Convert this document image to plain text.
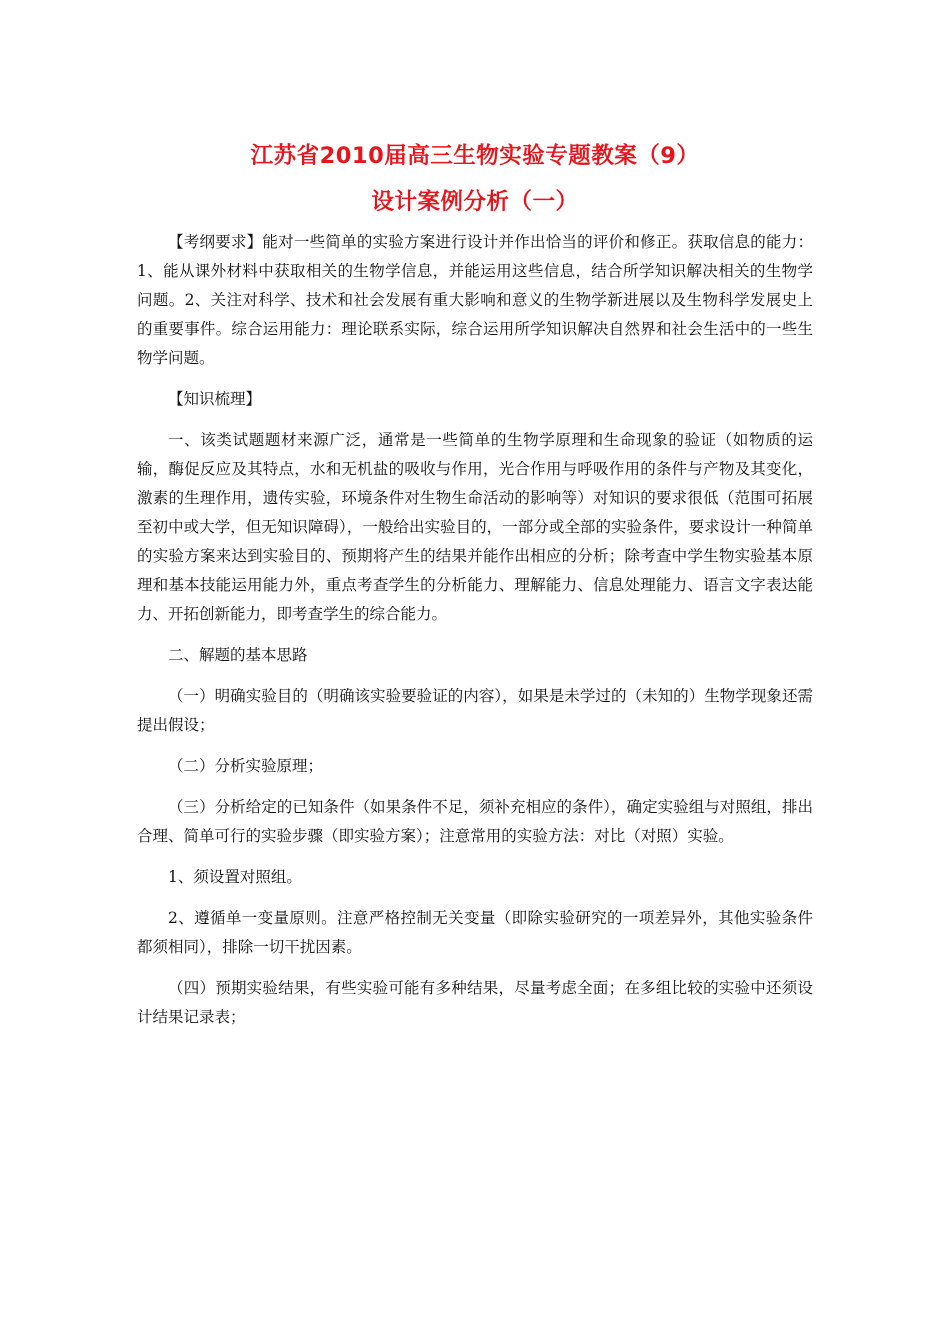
江苏省2010届高三生物实验专题教案（9）
设计案例分析（一）

【考纲要求】能对一些简单的实验方案进行设计并作出恰当的评价和修正。获取信息的能力：1、能从课外材料中获取相关的生物学信息，并能运用这些信息，结合所学知识解决相关的生物学问题。2、关注对科学、技术和社会发展有重大影响和意义的生物学新进展以及生物科学发展史上的重要事件。综合运用能力：理论联系实际，综合运用所学知识解决自然界和社会生活中的一些生物学问题。

【知识梳理】

一、该类试题题材来源广泛，通常是一些简单的生物学原理和生命现象的验证（如物质的运输，酶促反应及其特点，水和无机盐的吸收与作用，光合作用与呼吸作用的条件与产物及其变化，激素的生理作用，遗传实验，环境条件对生物生命活动的影响等）对知识的要求很低（范围可拓展至初中或大学，但无知识障碍），一般给出实验目的，一部分或全部的实验条件，要求设计一种简单的实验方案来达到实验目的、预期将产生的结果并能作出相应的分析；除考查中学生物实验基本原理和基本技能运用能力外，重点考查学生的分析能力、理解能力、信息处理能力、语言文字表达能力、开拓创新能力，即考查学生的综合能力。

二、解题的基本思路

（一）明确实验目的（明确该实验要验证的内容），如果是未学过的（未知的）生物学现象还需提出假设；

（二）分析实验原理；

（三）分析给定的已知条件（如果条件不足，须补充相应的条件），确定实验组与对照组，排出合理、简单可行的实验步骤（即实验方案）；注意常用的实验方法：对比（对照）实验。

1、须设置对照组。

2、遵循单一变量原则。注意严格控制无关变量（即除实验研究的一项差异外，其他实验条件都须相同），排除一切干扰因素。

（四）预期实验结果，有些实验可能有多种结果，尽量考虑全面；在多组比较的实验中还须设计结果记录表；
